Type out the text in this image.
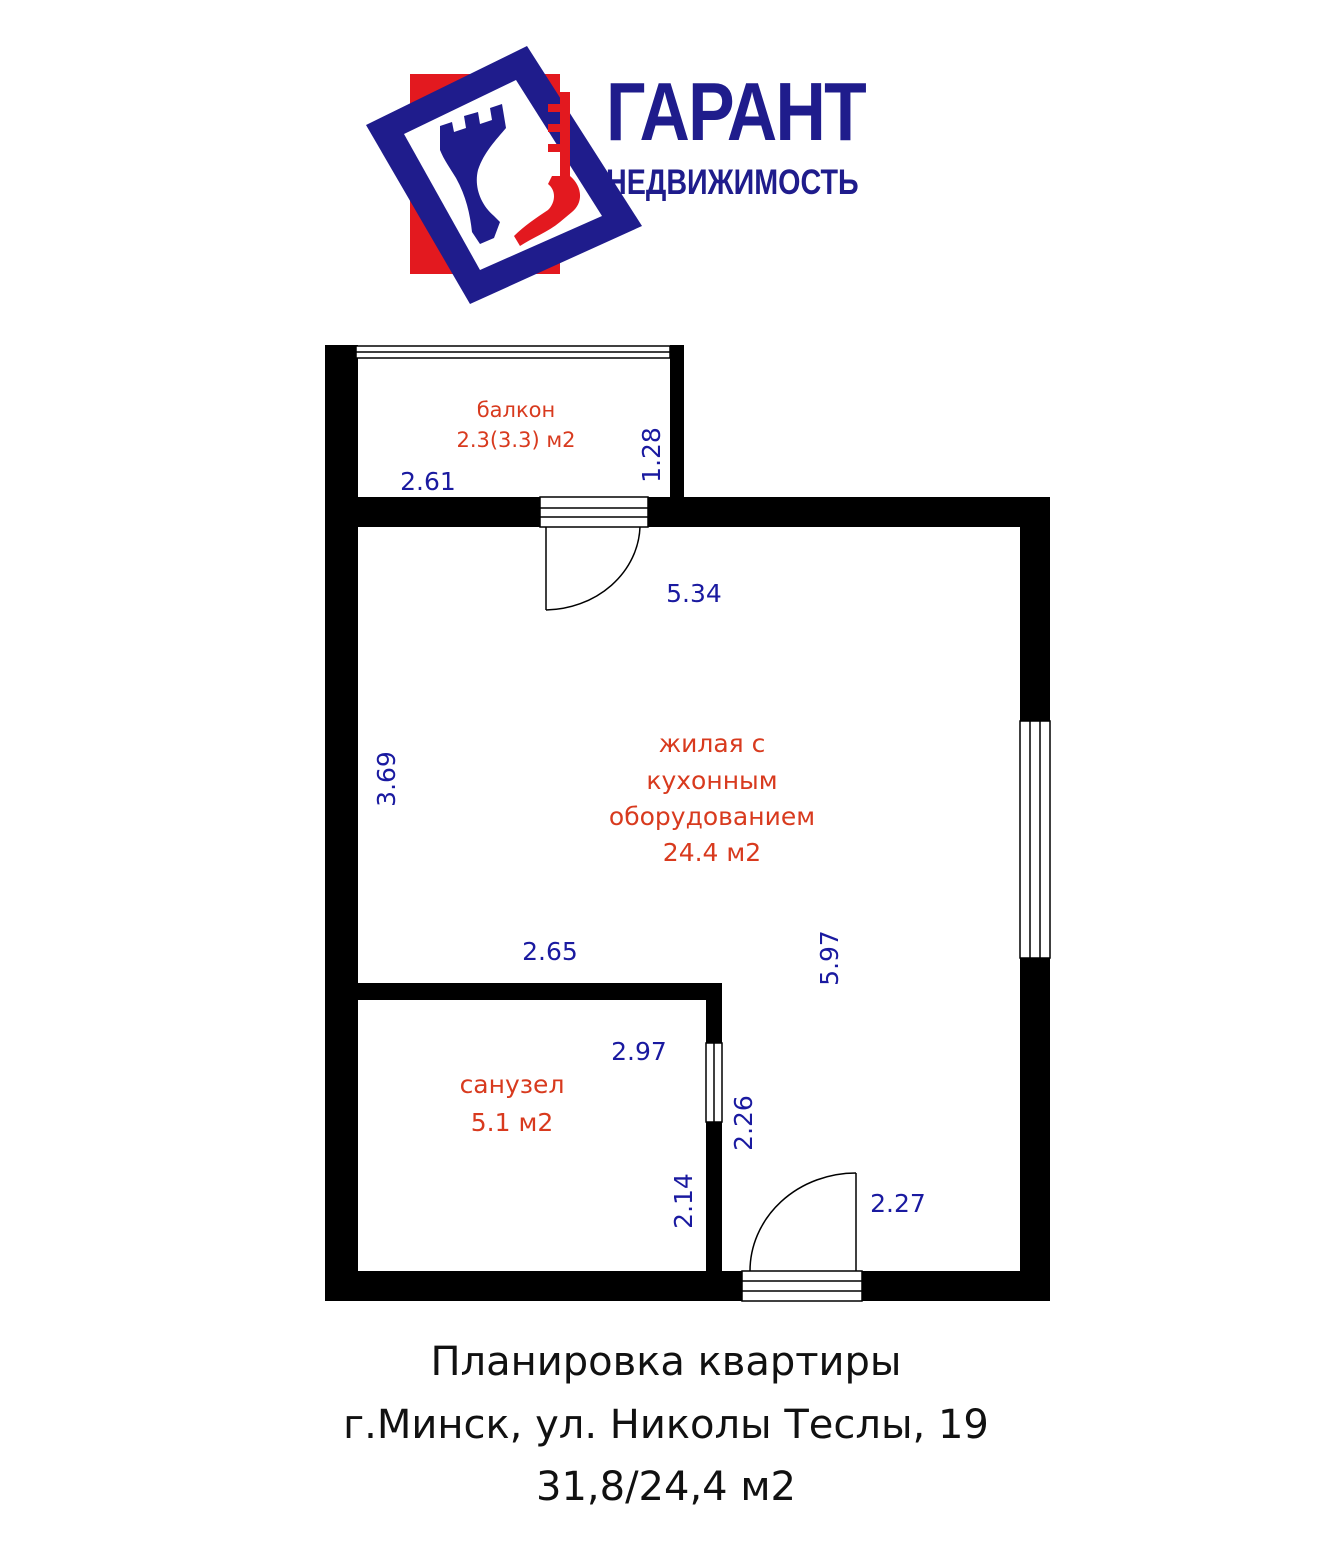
ГАРАНТ
НЕДВИЖИМОСТЬ
балкон
2.3(3.3) м2
жилая с
кухонным
оборудованием
24.4 м2
санузел
5.1 м2
2.61	1.28
5.34
3.69
2.65	5.97
2.97
2.14
2.26
2.27
Планировка квартиры
г.Минск, ул. Николы Теслы, 19
31,8/24,4 м2
